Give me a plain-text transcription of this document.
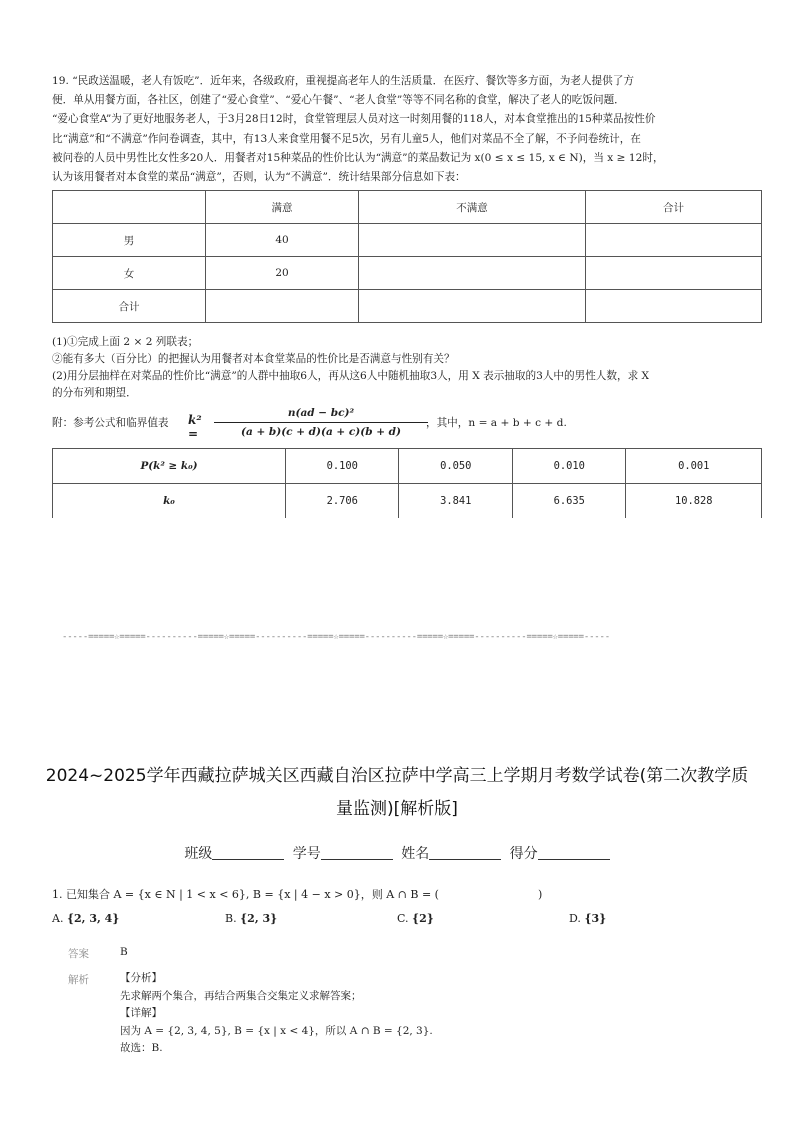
19. “民政送温暖，老人有饭吃”．近年来，各级政府，重视提高老年人的生活质量．在医疗、餐饮等多方面，为老人提供了方

便．单从用餐方面，各社区，创建了“爱心食堂”、“爱心午餐”、“老人食堂”等等不同名称的食堂，解决了老人的吃饭问题．

“爱心食堂A”为了更好地服务老人，于3月28日12时，食堂管理层人员对这一时刻用餐的118人，对本食堂推出的15种菜品按性价

比“满意”和“不满意”作问卷调查，其中，有13人来食堂用餐不足5次，另有儿童5人，他们对菜品不全了解，不予问卷统计，在

被问卷的人员中男性比女性多20人．用餐者对15种菜品的性价比认为“满意”的菜品数记为 x(0 ≤ x ≤ 15, x ∈ N)，当 x ≥ 12时，

认为该用餐者对本食堂的菜品“满意”，否则，认为“不满意”．统计结果部分信息如下表：

	满意	不满意	合计
男	40		
女	20		
合计			

(1)①完成上面 2 × 2 列联表；

②能有多大（百分比）的把握认为用餐者对本食堂菜品的性价比是否满意与性别有关？

(2)用分层抽样在对菜品的性价比“满意”的人群中抽取6人，再从这6人中随机抽取3人，用 X 表示抽取的3人中的男性人数，求 X

的分布列和期望．

附：参考公式和临界值表 k² =
n(ad − bc)²
(a + b)(c + d)(a + c)(b + d)
，其中，n = a + b + c + d.
P(k² ≥ k₀)	0.100	0.050	0.010	0.001
k₀	2.706	3.841	6.635	10.828
-----=====☆=====----------=====☆=====----------=====☆=====----------=====☆=====----------=====☆=====-----
2024~2025学年西藏拉萨城关区西藏自治区拉萨中学高三上学期月考数学试卷(第二次教学质
量监测)[解析版]
班级	学号	姓名	得分
1. 已知集合 A = {x ∈ N | 1 < x < 6}, B = {x | 4 − x > 0}，则 A ∩ B = (　　　　　　　　　)
A. {2, 3, 4}	B. {2, 3}	C. {2}	D. {3}
答案	B
解析	【分析】

先求解两个集合，再结合两集合交集定义求解答案；

【详解】

因为 A = {2, 3, 4, 5}, B = {x | x < 4}，所以 A ∩ B = {2, 3}.

故选：B.
